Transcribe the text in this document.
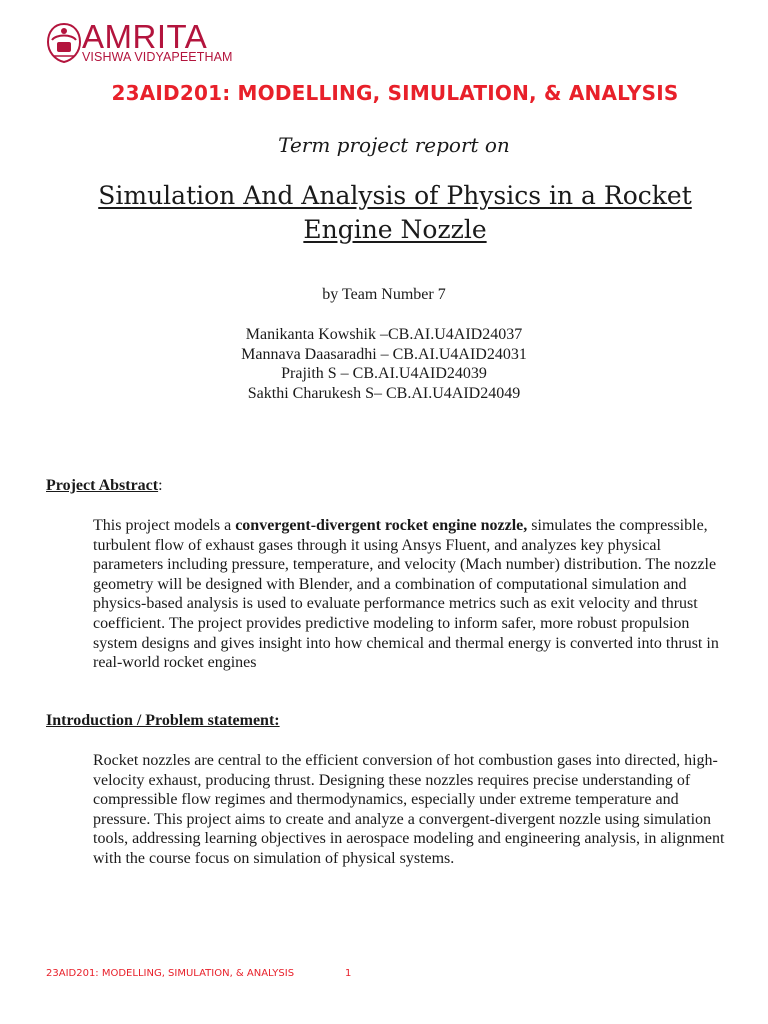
AMRITA
VISHWA VIDYAPEETHAM
23AID201: MODELLING, SIMULATION, & ANALYSIS
Term project report on
Simulation And Analysis of Physics in a Rocket Engine Nozzle
by Team Number 7
Manikanta Kowshik –CB.AI.U4AID24037
Mannava Daasaradhi – CB.AI.U4AID24031
Prajith S – CB.AI.U4AID24039
Sakthi Charukesh S– CB.AI.U4AID24049
Project Abstract:

This project models a convergent-divergent rocket engine nozzle, simulates the compressible, turbulent flow of exhaust gases through it using Ansys Fluent, and analyzes key physical parameters including pressure, temperature, and velocity (Mach number) distribution. The nozzle geometry will be designed with Blender, and a combination of computational simulation and physics-based analysis is used to evaluate performance metrics such as exit velocity and thrust coefficient. The project provides predictive modeling to inform safer, more robust propulsion system designs and gives insight into how chemical and thermal energy is converted into thrust in real-world rocket engines

Introduction / Problem statement:

Rocket nozzles are central to the efficient conversion of hot combustion gases into directed, high-velocity exhaust, producing thrust. Designing these nozzles requires precise understanding of compressible flow regimes and thermodynamics, especially under extreme temperature and pressure. This project aims to create and analyze a convergent-divergent nozzle using simulation tools, addressing learning objectives in aerospace modeling and engineering analysis, in alignment with the course focus on simulation of physical systems.

23AID201: MODELLING, SIMULATION, & ANALYSIS	1
